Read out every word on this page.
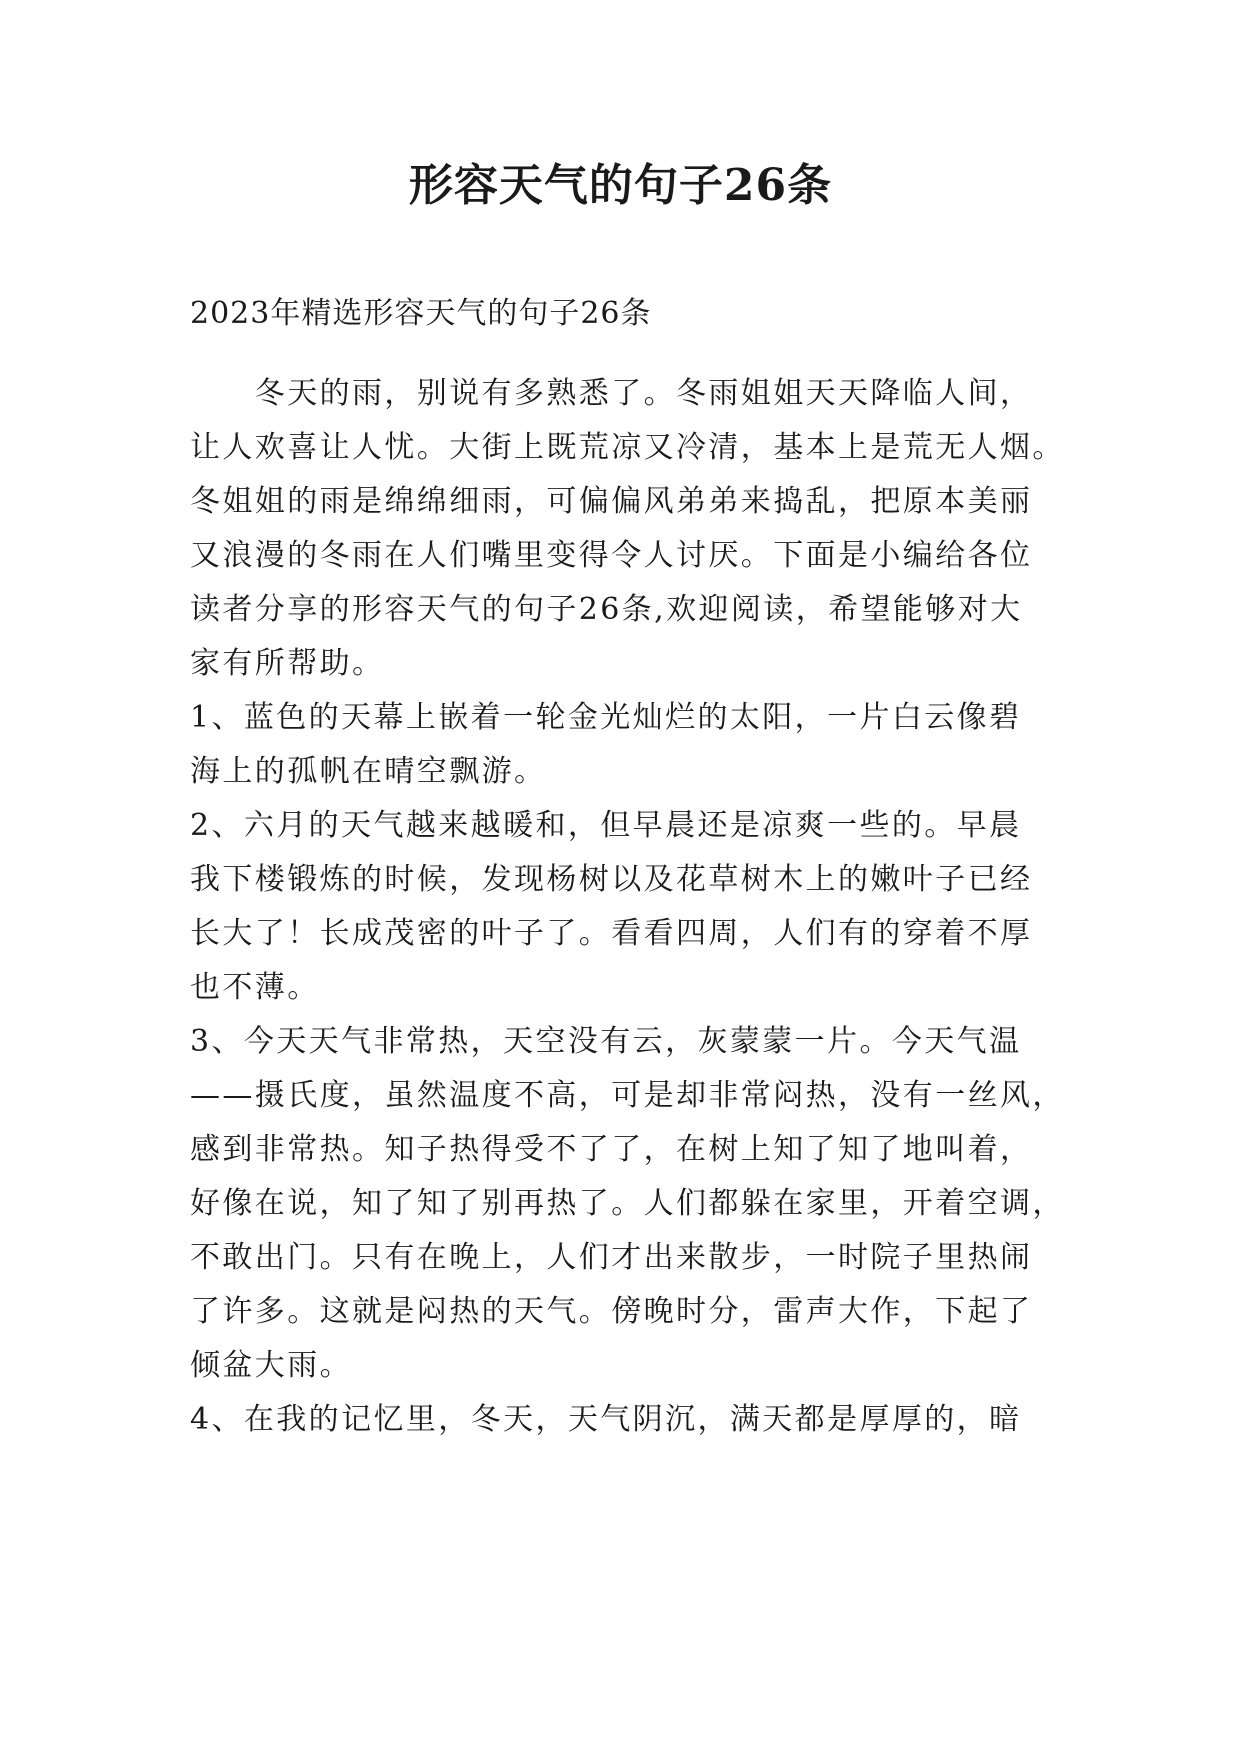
形容天气的句子26条

2023年精选形容天气的句子26条

　　冬天的雨，别说有多熟悉了。冬雨姐姐天天降临人间，

让人欢喜让人忧。大街上既荒凉又冷清，基本上是荒无人烟。

冬姐姐的雨是绵绵细雨，可偏偏风弟弟来捣乱，把原本美丽

又浪漫的冬雨在人们嘴里变得令人讨厌。下面是小编给各位

读者分享的形容天气的句子26条,欢迎阅读，希望能够对大

家有所帮助。

1、蓝色的天幕上嵌着一轮金光灿烂的太阳，一片白云像碧

海上的孤帆在晴空飘游。

2、六月的天气越来越暖和，但早晨还是凉爽一些的。早晨

我下楼锻炼的时候，发现杨树以及花草树木上的嫩叶子已经

长大了！长成茂密的叶子了。看看四周，人们有的穿着不厚

也不薄。

3、今天天气非常热，天空没有云，灰蒙蒙一片。今天气温

——摄氏度，虽然温度不高，可是却非常闷热，没有一丝风，

感到非常热。知子热得受不了了，在树上知了知了地叫着，

好像在说，知了知了别再热了。人们都躲在家里，开着空调，

不敢出门。只有在晚上，人们才出来散步，一时院子里热闹

了许多。这就是闷热的天气。傍晚时分，雷声大作，下起了

倾盆大雨。

4、在我的记忆里，冬天，天气阴沉，满天都是厚厚的，暗
